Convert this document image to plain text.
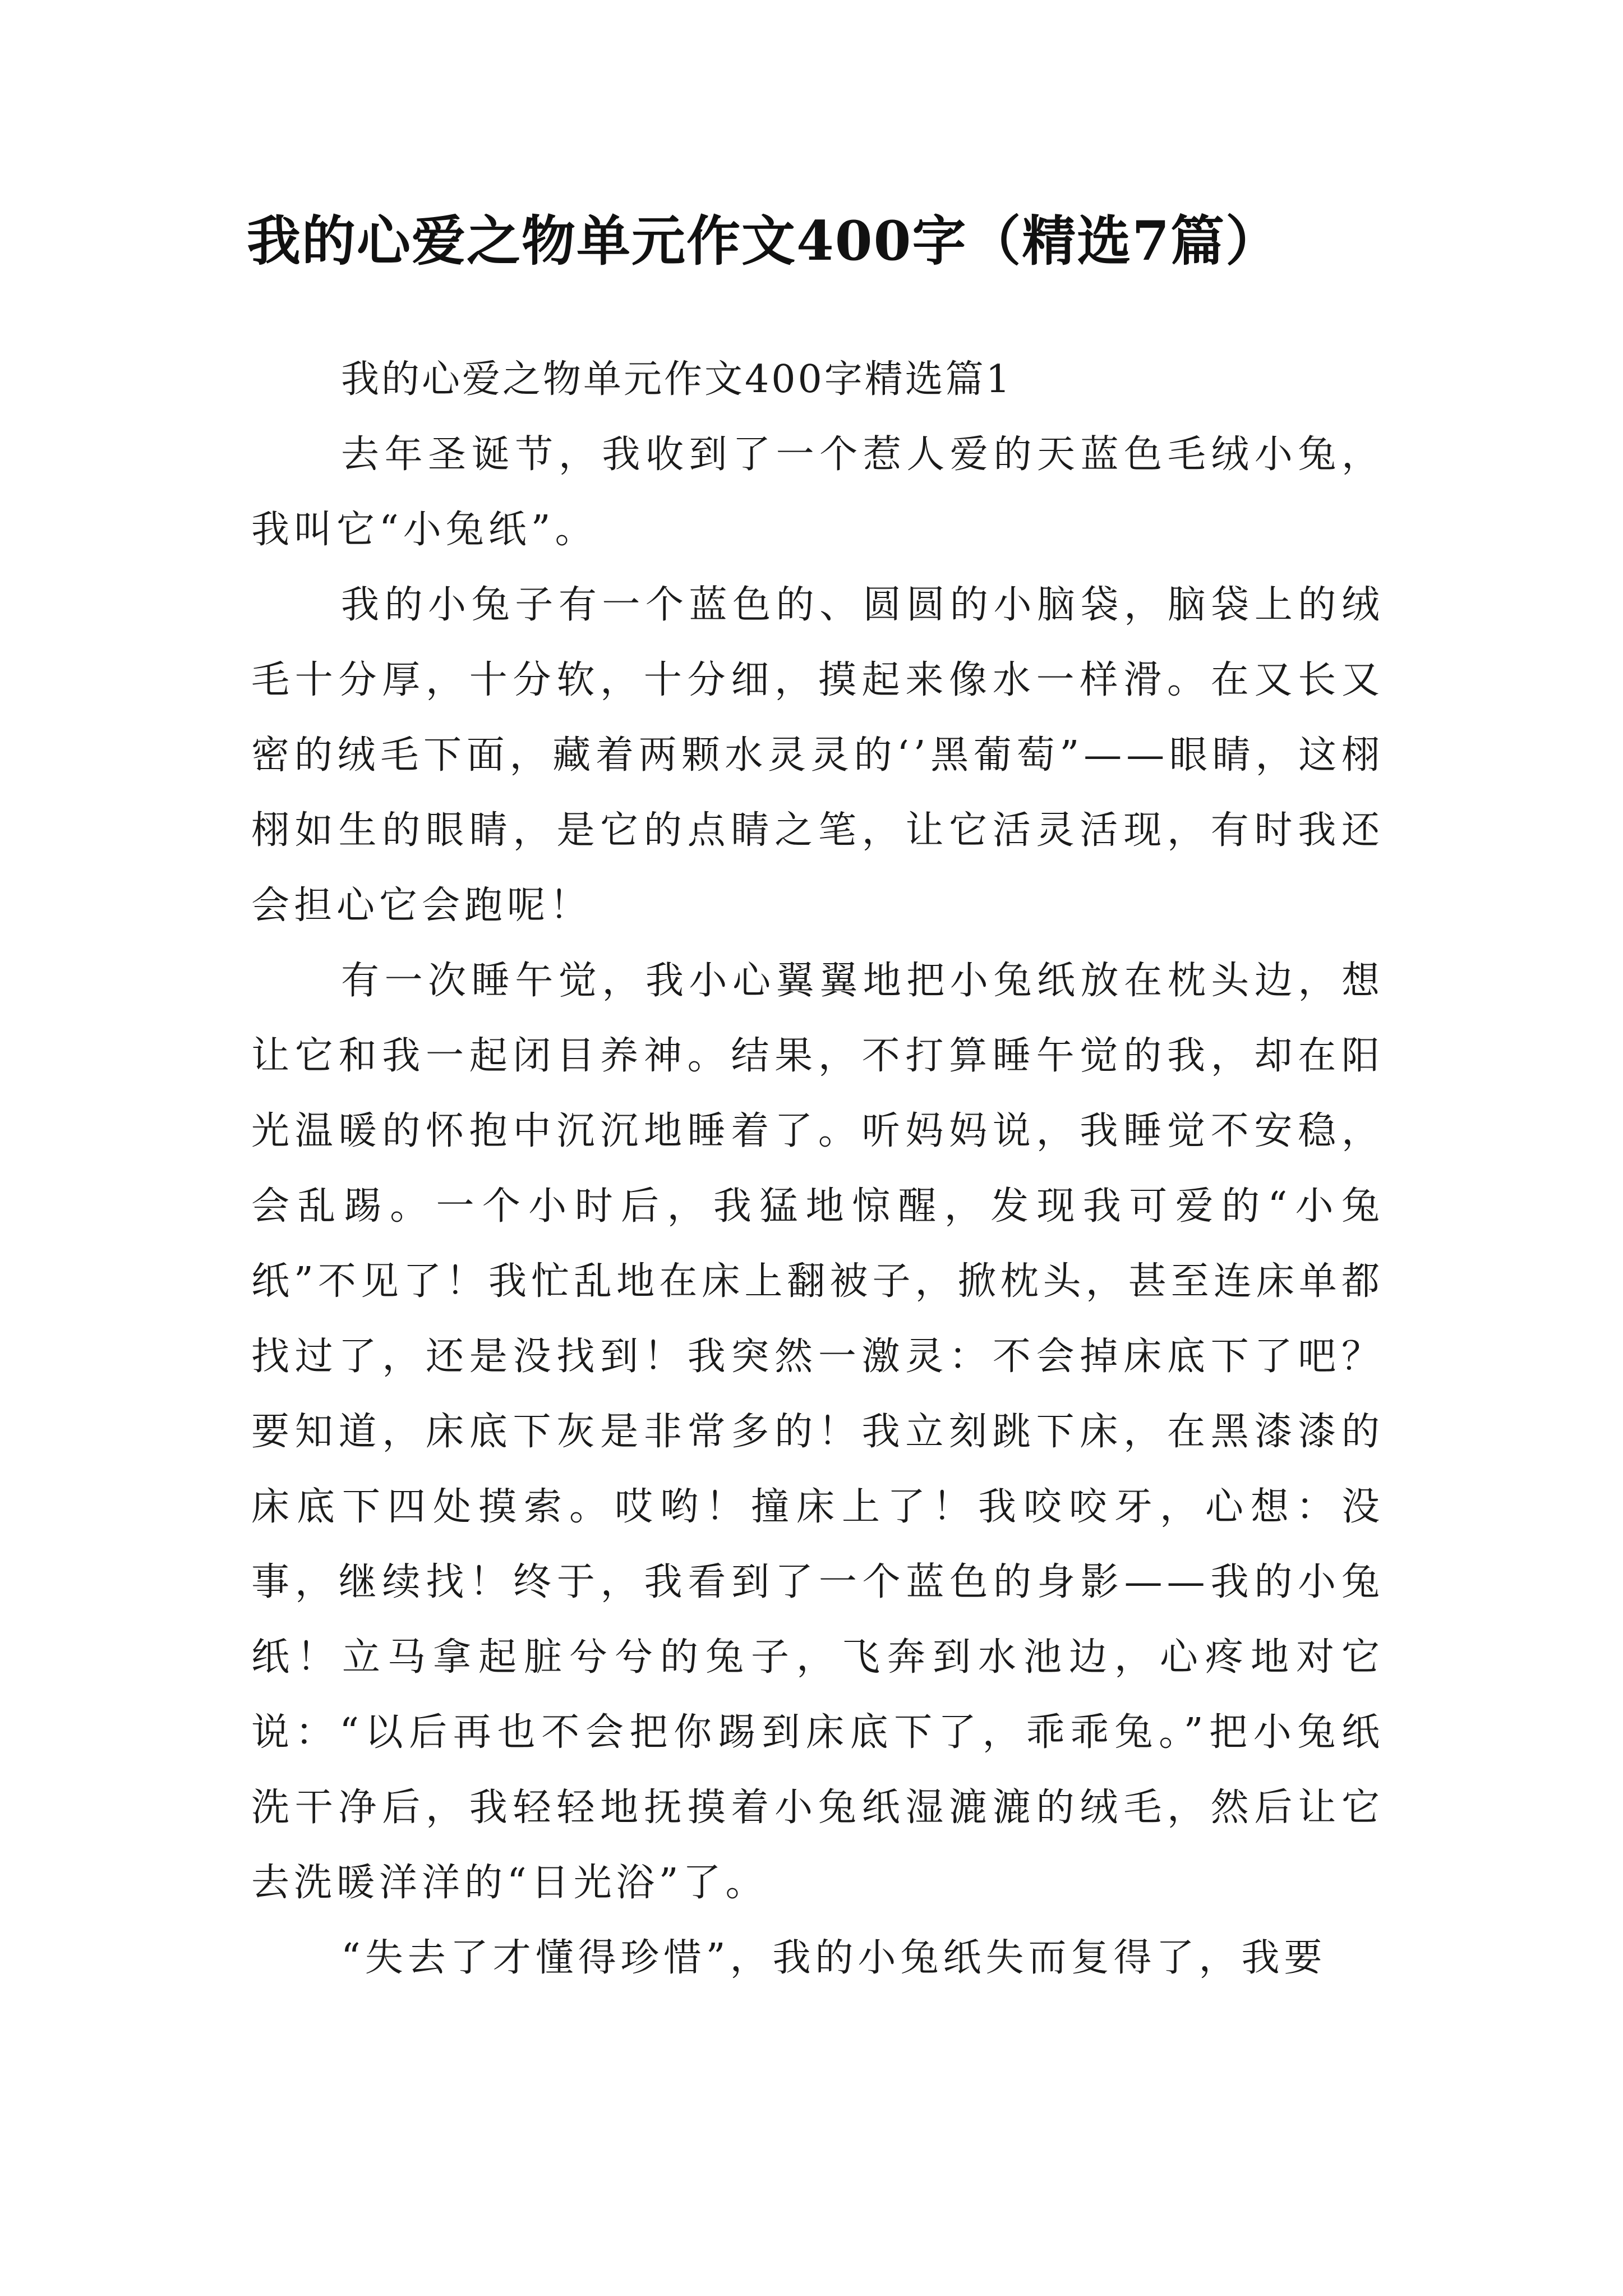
我的心爱之物单元作文400字（精选7篇）

我的心爱之物单元作文400字精选篇1

去年圣诞节，我收到了一个惹人爱的天蓝色毛绒小兔，我叫它“小兔纸”。

我的小兔子有一个蓝色的、圆圆的小脑袋，脑袋上的绒毛十分厚，十分软，十分细，摸起来像水一样滑。在又长又密的绒毛下面，藏着两颗水灵灵的‘’黑葡萄”——眼睛，这栩栩如生的眼睛，是它的点睛之笔，让它活灵活现，有时我还会担心它会跑呢！

有一次睡午觉，我小心翼翼地把小兔纸放在枕头边，想让它和我一起闭目养神。结果，不打算睡午觉的我，却在阳光温暖的怀抱中沉沉地睡着了。听妈妈说，我睡觉不安稳，会乱踢。一个小时后，我猛地惊醒，发现我可爱的“小兔纸”不见了！我忙乱地在床上翻被子，掀枕头，甚至连床单都找过了，还是没找到！我突然一激灵：不会掉床底下了吧？要知道，床底下灰是非常多的！我立刻跳下床，在黑漆漆的床底下四处摸索。哎哟！撞床上了！我咬咬牙，心想：没事，继续找！终于，我看到了一个蓝色的身影——我的小兔纸！立马拿起脏兮兮的兔子，飞奔到水池边，心疼地对它说：“以后再也不会把你踢到床底下了，乖乖兔。”把小兔纸洗干净后，我轻轻地抚摸着小兔纸湿漉漉的绒毛，然后让它去洗暖洋洋的“日光浴”了。

“失去了才懂得珍惜”，我的小兔纸失而复得了，我要
